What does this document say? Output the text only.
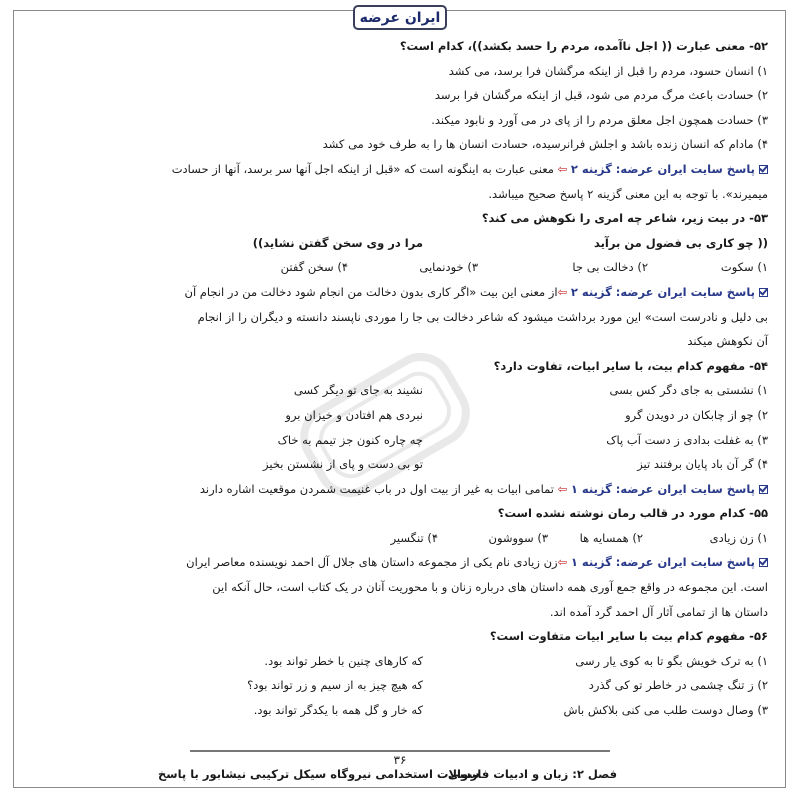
ایران عرضه
۵۲- معنی عبارت (( اجل ناآمده، مردم را حسد بکشد))، کدام است؟
۱) انسان حسود، مردم را قبل از اینکه مرگشان فرا برسد، می کشد
۲) حسادت باعث مرگ مردم می شود، قبل از اینکه مرگشان فرا برسد
۳) حسادت همچون اجل معلق مردم را از پای در می آورد و نابود میکند.
۴) مادام که انسان زنده باشد و اجلش فرانرسیده، حسادت انسان ها را به طرف خود می کشد
پاسخ سایت ایران عرضه: گزینه ۲ ⇦ معنی عبارت به اینگونه است که «قبل از اینکه اجل آنها سر برسد، آنها از حسادت
میمیرند». با توجه به این معنی گزینه ۲ پاسخ صحیح میباشد.
۵۳- در بیت زیر، شاعر چه امری را نکوهش می کند؟
(( چو کاری بی فضول من برآید
مرا در وی سخن گفتن نشاید))
۱) سکوت
۲) دخالت بی جا
۳) خودنمایی
۴) سخن گفتن
پاسخ سایت ایران عرضه: گزینه ۲ ⇦از معنی این بیت «اگر کاری بدون دخالت من انجام شود دخالت من در انجام آن
بی دلیل و نادرست است» این مورد برداشت میشود که شاعر دخالت بی جا را موردی ناپسند دانسته و دیگران را از انجام
آن نکوهش میکند
۵۴- مفهوم کدام بیت، با سایر ابیات، تفاوت دارد؟
۱) نشستی به جای دگر کس بسی
نشیند به جای تو دیگر کسی
۲) چو از چابکان در دویدن گرو
نبردی هم افتادن و خیزان برو
۳) به غفلت بدادی ز دست آب پاک
چه چاره کنون جز تیمم به خاک
۴) گر آن باد پایان برفتند تیز
تو بی دست و پای از نشستن بخیز
پاسخ سایت ایران عرضه: گزینه ۱ ⇦ تمامی ابیات به غیر از بیت اول در باب غنیمت شمردن موقعیت اشاره دارند
۵۵- کدام مورد در قالب رمان نوشته نشده است؟
۱) زن زیادی
۲) همسایه ها
۳) سووشون
۴) تنگسیر
پاسخ سایت ایران عرضه: گزینه ۱ ⇦زن زیادی نام یکی از مجموعه داستان های جلال آل احمد نویسنده معاصر ایران
است. این مجموعه در واقع جمع آوری همه داستان های درباره زنان و با محوریت آنان در یک کتاب است، حال آنکه این
داستان ها از تمامی آثار آل احمد گرد آمده اند.
۵۶- مفهوم کدام بیت با سایر ابیات متفاوت است؟
۱) به ترک خویش بگو تا به کوی یار رسی
که کارهای چنین با خطر تواند بود.
۲) ز تنگ چشمی در خاطر تو کی گذرد
که هیچ چیز به از سیم و زر تواند بود؟
۳) وصال دوست طلب می کنی بلاکش باش
که خار و گل همه با یکدگر تواند بود.
۳۶
سوالات استخدامی نیروگاه سیکل ترکیبی نیشابور با پاسخ
فصل ۲: زبان و ادبیات فارسی
